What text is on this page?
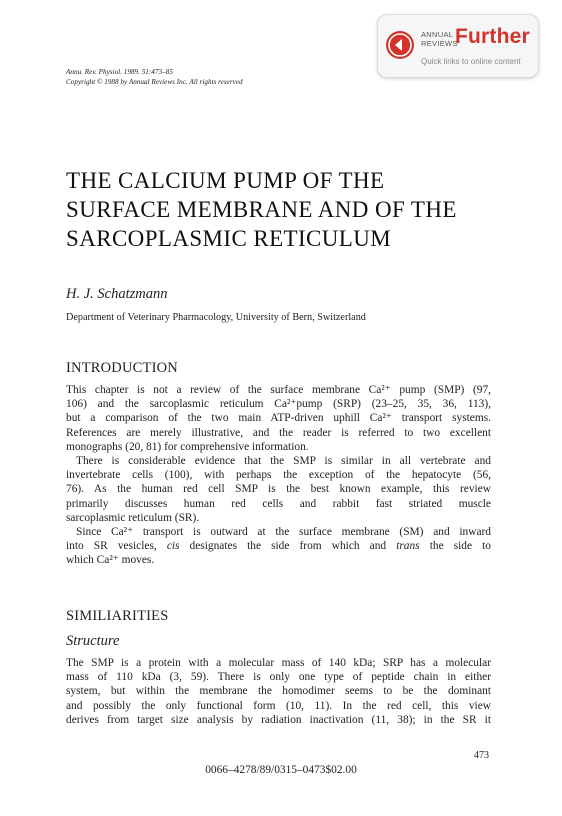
ANNUAL
REVIEWS
Further
Quick links to online content
Annu. Rev. Physiol. 1989. 51:473–85
Copyright © 1988 by Annual Reviews Inc. All rights reserved
THE CALCIUM PUMP OF THE
SURFACE MEMBRANE AND OF THE
SARCOPLASMIC RETICULUM
H. J. Schatzmann
Department of Veterinary Pharmacology, University of Bern, Switzerland
INTRODUCTION
This chapter is not a review of the surface membrane Ca²⁺ pump (SMP) (97,
106) and the sarcoplasmic reticulum Ca²⁺pump (SRP) (23–25, 35, 36, 113),
but a comparison of the two main ATP-driven uphill Ca²⁺ transport systems.
References are merely illustrative, and the reader is referred to two excellent
monographs (20, 81) for comprehensive information.
There is considerable evidence that the SMP is similar in all vertebrate and
invertebrate cells (100), with perhaps the exception of the hepatocyte (56,
76). As the human red cell SMP is the best known example, this review
primarily discusses human red cells and rabbit fast striated muscle
sarcoplasmic reticulum (SR).
Since Ca²⁺ transport is outward at the surface membrane (SM) and inward
into SR vesicles, cis designates the side from which and trans the side to
which Ca²⁺ moves.
SIMILIARITIES
Structure
The SMP is a protein with a molecular mass of 140 kDa; SRP has a molecular
mass of 110 kDa (3, 59). There is only one type of peptide chain in either
system, but within the membrane the homodimer seems to be the dominant
and possibly the only functional form (10, 11). In the red cell, this view
derives from target size analysis by radiation inactivation (11, 38); in the SR it
473
0066–4278/89/0315–0473$02.00
